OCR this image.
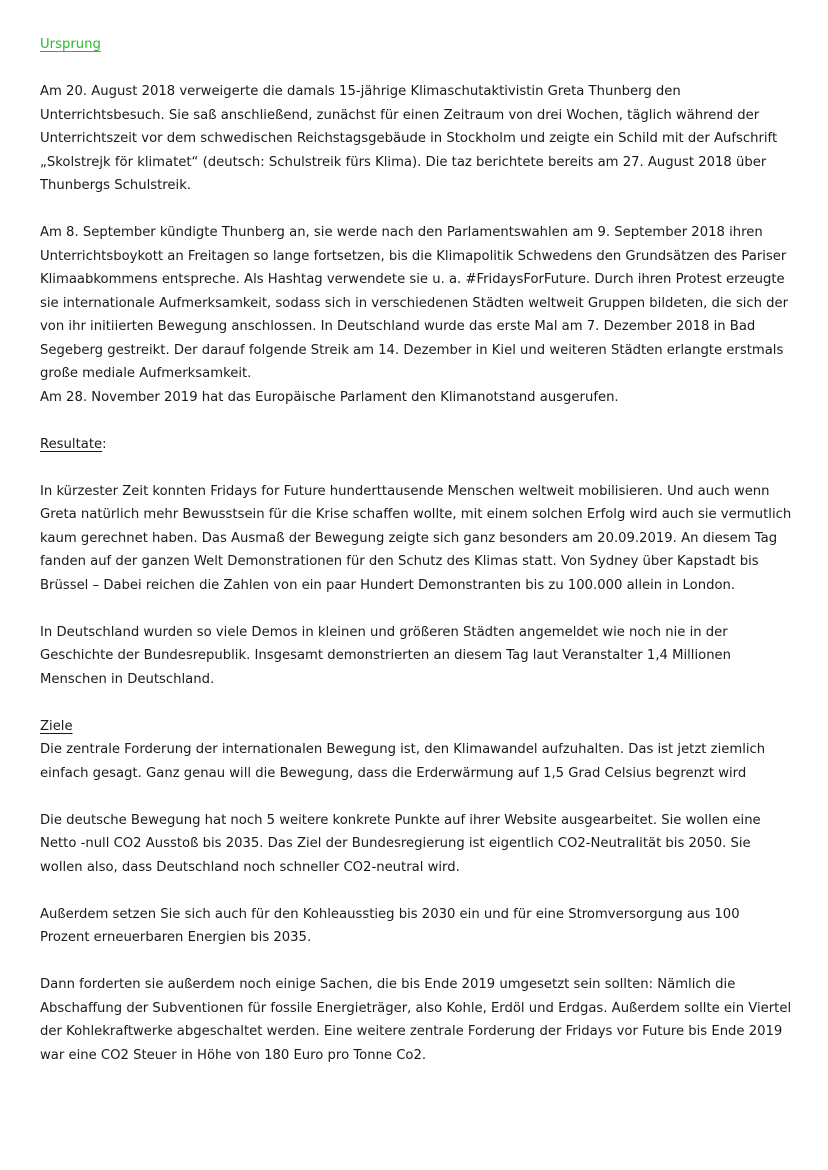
Ursprung

Am 20. August 2018 verweigerte die damals 15-jährige Klimaschutaktivistin Greta Thunberg den Unterrichtsbesuch. Sie saß anschließend, zunächst für einen Zeitraum von drei Wochen, täglich während der Unterrichtszeit vor dem schwedischen Reichstagsgebäude in Stockholm und zeigte ein Schild mit der Aufschrift „Skolstrejk för klimatet“ (deutsch: Schulstreik fürs Klima). Die taz berichtete bereits am 27. August 2018 über Thunbergs Schulstreik.

Am 8. September kündigte Thunberg an, sie werde nach den Parlamentswahlen am 9. September 2018 ihren Unterrichtsboykott an Freitagen so lange fortsetzen, bis die Klimapolitik Schwedens den Grundsätzen des Pariser Klimaabkommens entspreche. Als Hashtag verwendete sie u. a. #FridaysForFuture. Durch ihren Protest erzeugte sie internationale Aufmerksamkeit, sodass sich in verschiedenen Städten weltweit Gruppen bildeten, die sich der von ihr initiierten Bewegung anschlossen. In Deutschland wurde das erste Mal am 7. Dezember 2018 in Bad Segeberg gestreikt. Der darauf folgende Streik am 14. Dezember in Kiel und weiteren Städten erlangte erstmals große mediale Aufmerksamkeit.

Am 28. November 2019 hat das Europäische Parlament den Klimanotstand ausgerufen.

Resultate:

In kürzester Zeit konnten Fridays for Future hunderttausende Menschen weltweit mobilisieren. Und auch wenn Greta natürlich mehr Bewusstsein für die Krise schaffen wollte, mit einem solchen Erfolg wird auch sie vermutlich kaum gerechnet haben. Das Ausmaß der Bewegung zeigte sich ganz besonders am 20.09.2019. An diesem Tag fanden auf der ganzen Welt Demonstrationen für den Schutz des Klimas statt. Von Sydney über Kapstadt bis Brüssel – Dabei reichen die Zahlen von ein paar Hundert Demonstranten bis zu 100.000 allein in London.

In Deutschland wurden so viele Demos in kleinen und größeren Städten angemeldet wie noch nie in der Geschichte der Bundesrepublik. Insgesamt demonstrierten an diesem Tag laut Veranstalter 1,4 Millionen Menschen in Deutschland.

Ziele

Die zentrale Forderung der internationalen Bewegung ist, den Klimawandel aufzuhalten. Das ist jetzt ziemlich einfach gesagt. Ganz genau will die Bewegung, dass die Erderwärmung auf 1,5 Grad Celsius begrenzt wird

Die deutsche Bewegung hat noch 5 weitere konkrete Punkte auf ihrer Website ausgearbeitet. Sie wollen eine Netto -null CO2 Ausstoß bis 2035. Das Ziel der Bundesregierung ist eigentlich CO2-Neutralität bis 2050. Sie wollen also, dass Deutschland noch schneller CO2-neutral wird.

Außerdem setzen Sie sich auch für den Kohleausstieg bis 2030 ein und für eine Stromversorgung aus 100 Prozent erneuerbaren Energien bis 2035.

Dann forderten sie außerdem noch einige Sachen, die bis Ende 2019 umgesetzt sein sollten: Nämlich die Abschaffung der Subventionen für fossile Energieträger, also Kohle, Erdöl und Erdgas. Außerdem sollte ein Viertel der Kohlekraftwerke abgeschaltet werden. Eine weitere zentrale Forderung der Fridays vor Future bis Ende 2019 war eine CO2 Steuer in Höhe von 180 Euro pro Tonne Co2.
